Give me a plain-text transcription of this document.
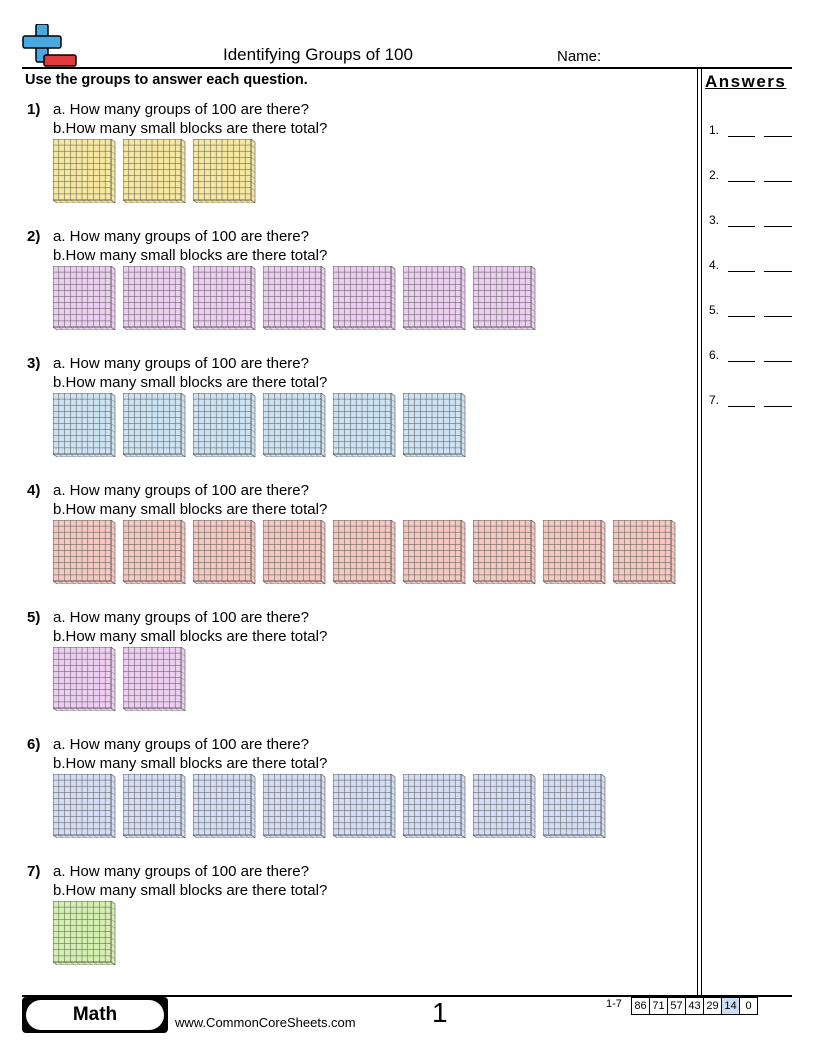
Identifying Groups of 100	Name:
Use the groups to answer each question.	Answers
1.
2.
3.
4.
5.
6.
7.
1) a. How many groups of 100 are there?
b.How many small blocks are there total?
2) a. How many groups of 100 are there?
b.How many small blocks are there total?
3) a. How many groups of 100 are there?
b.How many small blocks are there total?
4) a. How many groups of 100 are there?
b.How many small blocks are there total?
5) a. How many groups of 100 are there?
b.How many small blocks are there total?
6) a. How many groups of 100 are there?
b.How many small blocks are there total?
7) a. How many groups of 100 are there?
b.How many small blocks are there total?
Math	www.CommonCoreSheets.com	1	1-7	86 71 57 43 29 14 0
